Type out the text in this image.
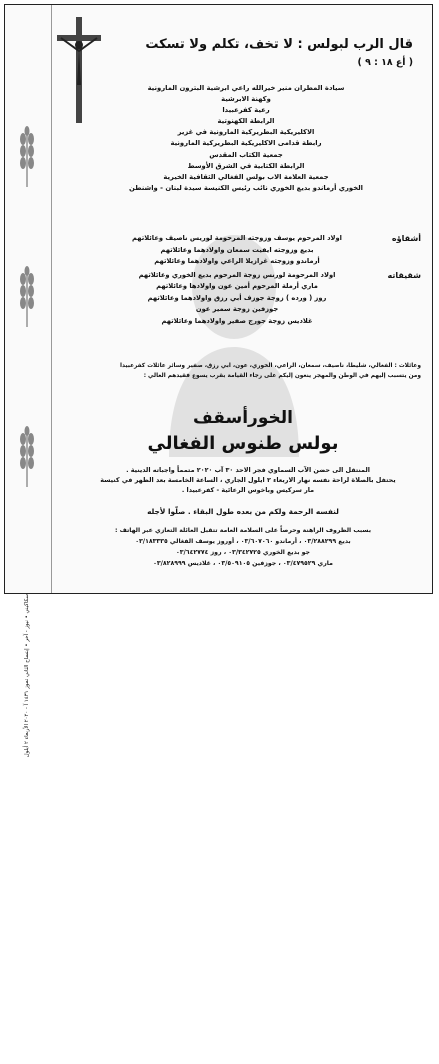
سكاكيني • نيوز - آخر • إبتساح الثاني تموز ١٤٣١ آ - ٢٠٢٠ الأربعاء ٢ أيلول
قال الرب لبولس : لا تخف، تكلم ولا تسكت
( أع ١٨ : ٩ )
سيادة المطران منير خيرالله راعي ابرشية البترون المارونية
وكهنة الابرشية
رعية كفرعبيدا
الرابطة الكهنوتية
الاكليريكية البطريركية المارونية في غزير
رابطة قدامى الاكليريكية البطريركية المارونية
جمعية الكتاب المقدس
الرابطة الكتابية في الشرق الأوسط
جمعية العلامة الاب بولس الفغالي الثقافية الخيرية
الخوري أرماندو بديع الخوري نائب رئيس الكنيسة سيدة لبنان - واشنطن
أشقاؤه
اولاد المرحوم يوسف وزوجته المرحومة لوريس ناصيف وعائلاتهم
بديع وزوجته ايفيت سمعان واولادهما وعائلاتهم
أرماندو وزوجته غرازيلا الراعي واولادهما وعائلاتهم
شقيقاته
اولاد المرحومة لورنس زوجة المرحوم بديع الخوري وعائلاتهم
ماري أرملة المرحوم أمين عون واولادها وعائلاتهم
روز ( ورده ) زوجة جوزف أبي رزق واولادهما وعائلاتهم
جوزفين زوجة سمير عون
غلاديس زوجة جورج صفير واولادهما وعائلاتهم
وعائلات : الفغالي، شليطا، ناصيف، سمعان، الراعي، الخوري، عون، ابي رزق، صفير وسائر عائلات كفرعبيدا
ومن يتسبب إليهم في الوطن والمهجر ينعون إليكم على رجاء القيامة بقرب يسوع فقيدهم الغالي :
الخورأسقف
بولس طنوس الفغالي
المنتقل الى حضن الآب السماوي فجر الاحد ٣٠ آب ٢٠٢٠ متمماً واجباته الدينية .
يحتفل بالصلاة لراحة نفسه نهار الاربعاء ٢ ايلول الجاري ، الساعة الخامسة بعد الظهر في كنيسة
مار سركيس وباخوس الرعائية - كفرعبيدا .
لنفسه الرحمة ولكم من بعده طول البقاء . صلّوا لأجله
بسبب الظروف الراهنة وحرصاً على السلامة العامة تتقبل العائلة التعازي عبر الهاتف :
بديع ٠٣/٢٨٨٢٩٩ ، أرماندو ٠٣/٦٠٧٠٦٠ ، أوروز يوسف الفغالي ٠٣/١٨٣٣٣٥
جو بديع الخوري ٠٣/٣٤٢٧٢٥ ، روز ٠٣/٦٤٢٧٧٤
ماري ٠٣/٤٧٩٥٢٩ ، جوزفين ٠٣/٥٠٩١٠٥ ، غلاديس ٠٣/٨٢٨٩٩٩
